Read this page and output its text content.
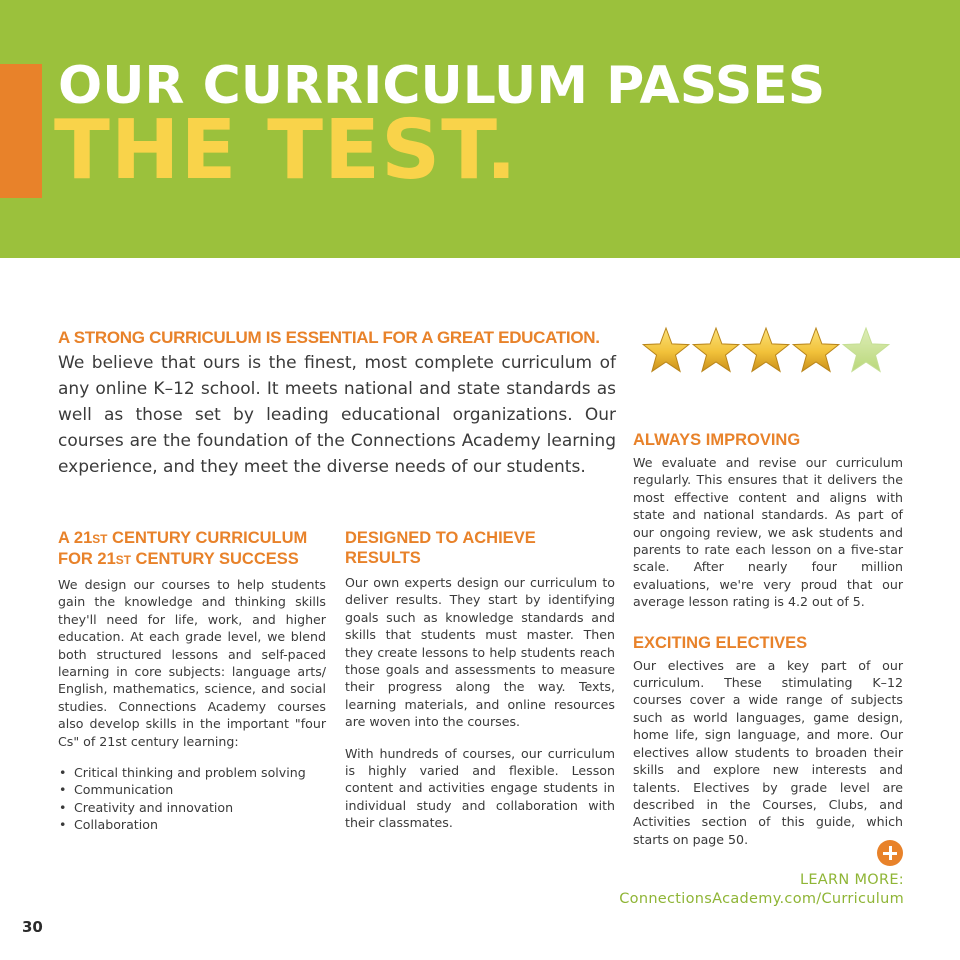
OUR CURRICULUM PASSES
THE TEST.

A STRONG CURRICULUM IS ESSENTIAL FOR A GREAT EDUCATION.

We believe that ours is the finest, most complete curriculum of any online K–12 school. It meets national and state standards as well as those set by leading educational organizations. Our courses are the foundation of the Connections Academy learning experience, and they meet the diverse needs of our students.

A 21ST CENTURY CURRICULUM
FOR 21ST CENTURY SUCCESS

We design our courses to help students gain the knowledge and thinking skills they'll need for life, work, and higher education. At each grade level, we blend both structured lessons and self-paced learning in core subjects: language arts/ English, mathematics, science, and social studies. Connections Academy courses also develop skills in the important "four Cs" of 21st century learning:

• Critical thinking and problem solving
• Communication
• Creativity and innovation
• Collaboration

DESIGNED TO ACHIEVE
RESULTS

Our own experts design our curriculum to deliver results. They start by identifying goals such as knowledge standards and skills that students must master. Then they create lessons to help students reach those goals and assessments to measure their progress along the way. Texts, learning materials, and online resources are woven into the courses.

With hundreds of courses, our curriculum is highly varied and flexible. Lesson content and activities engage students in individual study and collaboration with their classmates.

ALWAYS IMPROVING

We evaluate and revise our curriculum regularly. This ensures that it delivers the most effective content and aligns with state and national standards. As part of our ongoing review, we ask students and parents to rate each lesson on a five-star scale. After nearly four million evaluations, we're very proud that our average lesson rating is 4.2 out of 5.

EXCITING ELECTIVES

Our electives are a key part of our curriculum. These stimulating K–12 courses cover a wide range of subjects such as world languages, game design, home life, sign language, and more. Our electives allow students to broaden their skills and explore new interests and talents. Electives by grade level are described in the Courses, Clubs, and Activities section of this guide, which starts on page 50.

LEARN MORE:
ConnectionsAcademy.com/Curriculum
30
